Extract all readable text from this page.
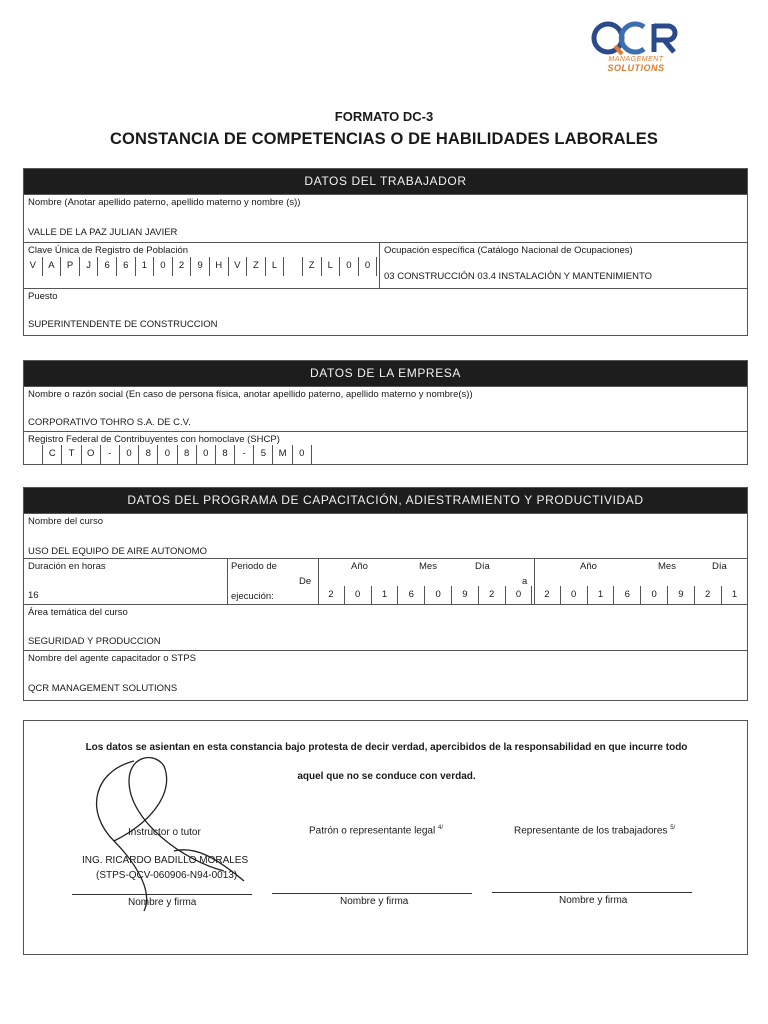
MANAGEMENT
SOLUTIONS
FORMATO DC-3
CONSTANCIA DE COMPETENCIAS O DE HABILIDADES LABORALES
DATOS DEL TRABAJADOR
Nombre (Anotar apellido paterno, apellido materno y nombre (s))
VALLE DE LA PAZ JULIAN JAVIER
Clave Única de Registro de Población
V	A	P	J	6	6	1	0	2	9	H	V	Z	L	Z	L	0	0
Ocupación específica (Catálogo Nacional de Ocupaciones)
03 CONSTRUCCIÓN 03.4 INSTALACIÓN Y MANTENIMIENTO
Puesto
SUPERINTENDENTE DE CONSTRUCCION
DATOS DE LA EMPRESA
Nombre o razón social (En caso de persona física, anotar apellido paterno, apellido materno y nombre(s))
CORPORATIVO TOHRO S.A. DE C.V.
Registro Federal de Contribuyentes con homoclave (SHCP)
C	T	O	-	0	8	0	8	0	8	-	5	M	0
DATOS DEL PROGRAMA DE CAPACITACIÓN, ADIESTRAMIENTO Y PRODUCTIVIDAD
Nombre del curso
USO DEL EQUIPO DE AIRE AUTONOMO
Duración en horas
16
Periodo de
ejecución:
De
Año	Mes	Día
2	0	1	6	0	9	2	0
a
Año	Mes	Día
2	0	1	6	0	9	2	1
Área temática del curso
SEGURIDAD Y PRODUCCION
Nombre del agente capacitador o STPS
QCR MANAGEMENT SOLUTIONS
Los datos se asientan en esta constancia bajo protesta de decir verdad, apercibidos de la responsabilidad en que incurre todo
aquel que no se conduce con verdad.
Instructor o tutor
ING. RICARDO BADILLO MORALES
(STPS-QCV-060906-N94-0013)
Nombre y firma
Patrón o representante legal $^{4/}$
Nombre y firma
Representante de los trabajadores $^{5/}$
Nombre y firma
